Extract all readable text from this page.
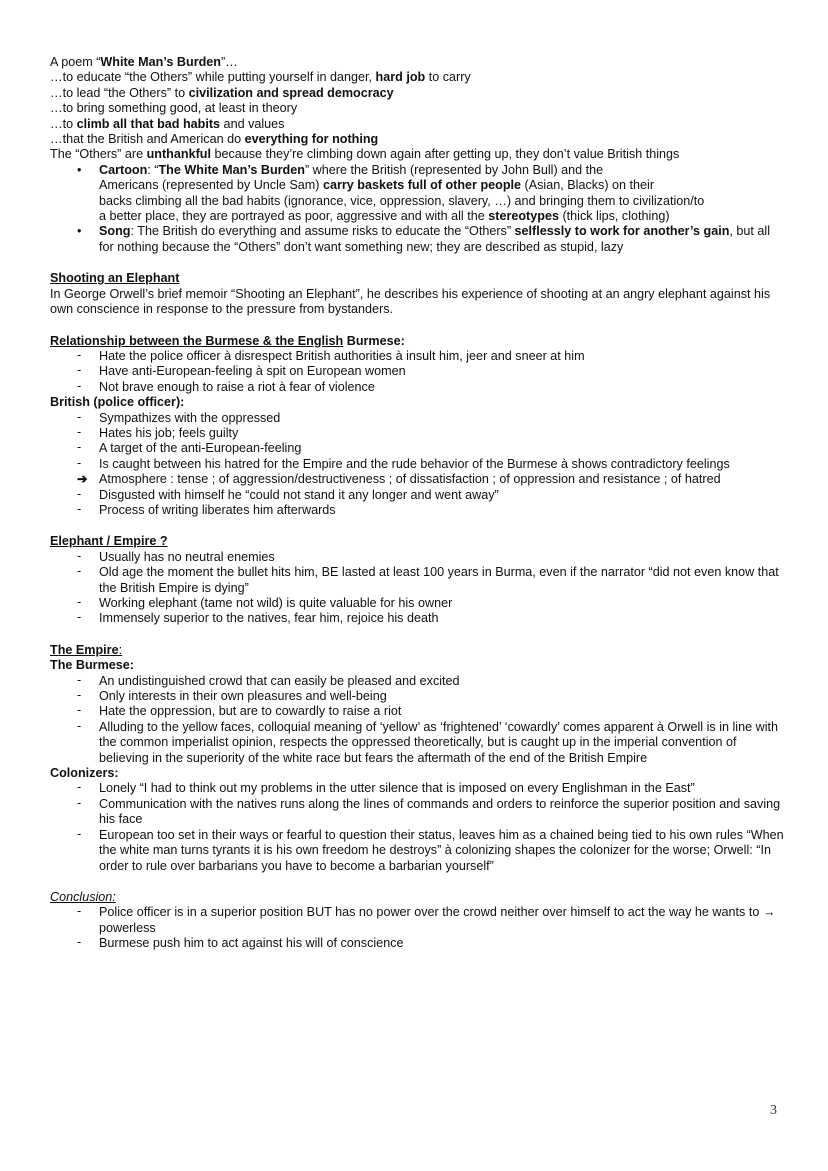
A poem “White Man’s Burden”…

…to educate “the Others” while putting yourself in danger, hard job to carry

…to lead “the Others” to civilization and spread democracy

…to bring something good, at least in theory

…to climb all that bad habits and values

…that the British and American do everything for nothing

The “Others” are unthankful because they’re climbing down again after getting up, they don’t value British things

• Cartoon: “The White Man’s Burden” where the British (represented by John Bull) and the
Americans (represented by Uncle Sam) carry baskets full of other people (Asian, Blacks) on their
backs climbing all the bad habits (ignorance, vice, oppression, slavery, …) and bringing them to civilization/to
a better place, they are portrayed as poor, aggressive and with all the stereotypes (thick lips, clothing)
• Song: The British do everything and assume risks to educate the “Others” selflessly to work for another’s gain, but all for nothing because the “Others” don’t want something new; they are described as stupid, lazy

Shooting an Elephant

In George Orwell’s brief memoir “Shooting an Elephant”, he describes his experience of shooting at an angry elephant against his own conscience in response to the pressure from bystanders.

Relationship between the Burmese & the English Burmese:

- Hate the police officer à disrespect British authorities à insult him, jeer and sneer at him
- Have anti-European-feeling à spit on European women
- Not brave enough to raise a riot à fear of violence

British (police officer):

- Sympathizes with the oppressed
- Hates his job; feels guilty
- A target of the anti-European-feeling
- Is caught between his hatred for the Empire and the rude behavior of the Burmese à shows contradictory feelings
➔ Atmosphere : tense ; of aggression/destructiveness ; of dissatisfaction ; of oppression and resistance ; of hatred
- Disgusted with himself he “could not stand it any longer and went away”
- Process of writing liberates him afterwards

Elephant / Empire ?

- Usually has no neutral enemies
- Old age the moment the bullet hits him, BE lasted at least 100 years in Burma, even if the narrator “did not even know that the British Empire is dying”
- Working elephant (tame not wild) is quite valuable for his owner
- Immensely superior to the natives, fear him, rejoice his death

The Empire:

The Burmese:

- An undistinguished crowd that can easily be pleased and excited
- Only interests in their own pleasures and well-being
- Hate the oppression, but are to cowardly to raise a riot
- Alluding to the yellow faces, colloquial meaning of ‘yellow’ as ‘frightened’ ‘cowardly’ comes apparent à Orwell is in line with the common imperialist opinion, respects the oppressed theoretically, but is caught up in the imperial convention of believing in the superiority of the white race but fears the aftermath of the end of the British Empire

Colonizers:

- Lonely “I had to think out my problems in the utter silence that is imposed on every Englishman in the East”
- Communication with the natives runs along the lines of commands and orders to reinforce the superior position and saving his face
- European too set in their ways or fearful to question their status, leaves him as a chained being tied to his own rules “When the white man turns tyrants it is his own freedom he destroys” à colonizing shapes the colonizer for the worse; Orwell: “In order to rule over barbarians you have to become a barbarian yourself”

Conclusion:

- Police officer is in a superior position BUT has no power over the crowd neither over himself to act the way he wants to → powerless
- Burmese push him to act against his will of conscience
3
